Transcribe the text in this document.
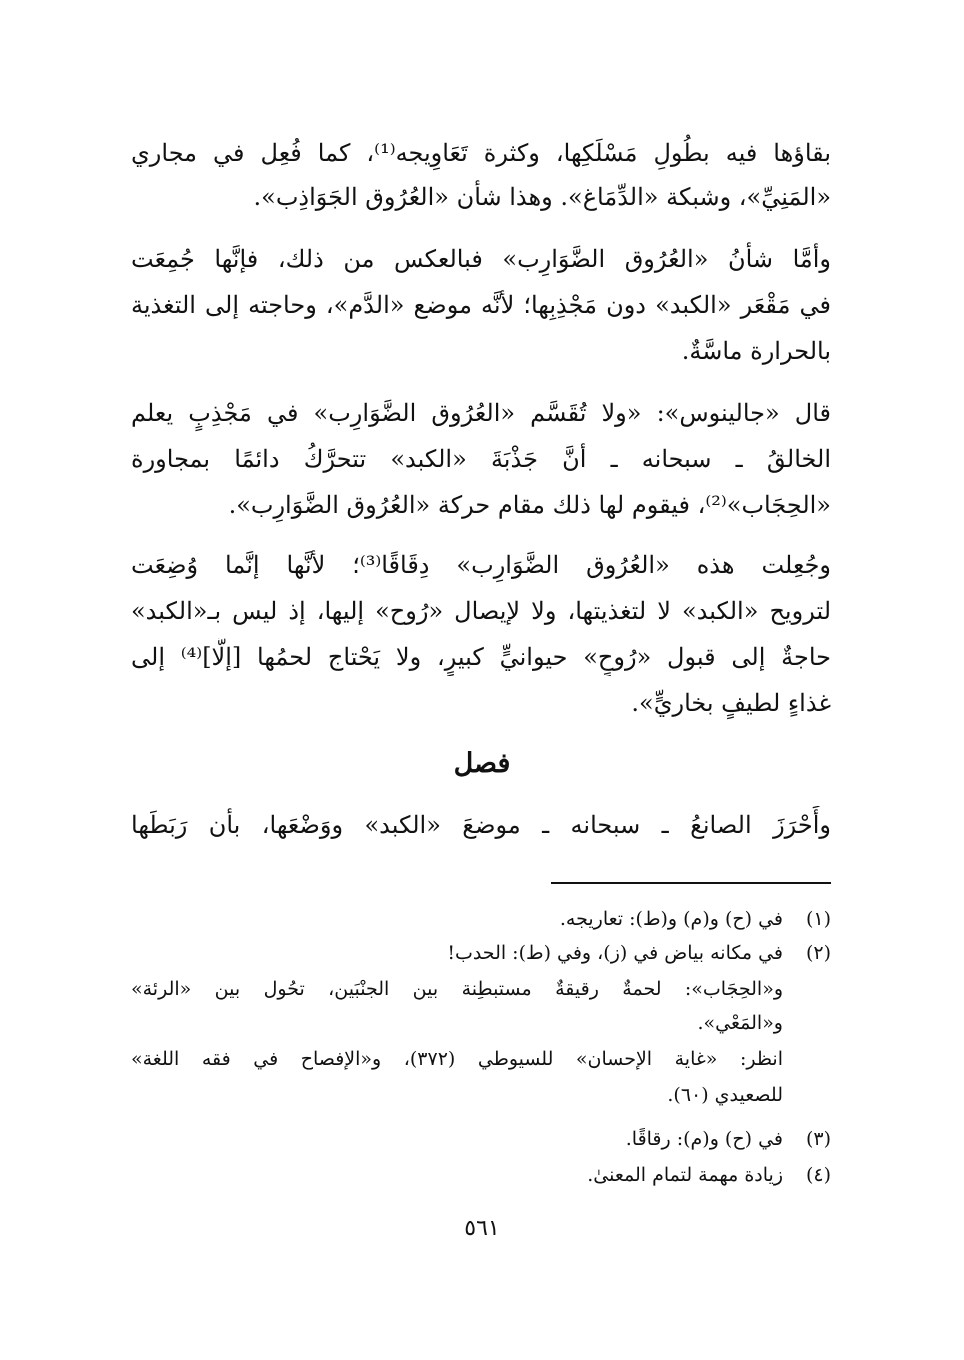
بقاؤها فيه بطُولِ مَسْلَكِها، وكثرة تَعَاوِيجه⁽¹⁾، كما فُعِل في مجاري
«المَنِيِّ»، وشبكة «الدِّمَاغ». وهذا شأن «العُرُوق الجَوَاذِب».
وأمَّا شأنُ «العُرُوق الضَّوَارِب» فبالعكس من ذلك، فإنَّها جُمِعَت
في مَقْعَر «الكبد» دون مَجْذِبِها؛ لأنَّه موضع «الدَّم»، وحاجته إلى التغذية
بالحرارة ماسَّةٌ.
قال «جالينوس»: «ولا تُقَسَّم «العُرُوق الضَّوَارِب» في مَجْذِبٍ يعلم
الخالقُ ـ سبحانه ـ أنَّ جَذْبَةَ «الكبد» تتحرَّكُ دائمًا بمجاورة
«الحِجَاب»⁽²⁾، فيقوم لها ذلك مقام حركة «العُرُوق الضَّوَارِب».
وجُعِلت هذه «العُرُوق الضَّوَارِب» دِقَاقًا⁽³⁾؛ لأنَّها إنَّما وُضِعَت
لترويح «الكبد» لا لتغذيتها، ولا لإيصال «رُوح» إليها، إذ ليس بـ«الكبد»
حاجةٌ إلى قبول «رُوحٍ» حيوانيٍّ كبيرٍ، ولا يَحْتاج لحمُها [إلَّا]⁽⁴⁾ إلى
غذاءٍ لطيفٍ بخاريٍّ».
فصل
وأَحْرَزَ الصانعُ ـ سبحانه ـ موضعَ «الكبد» ووَضْعَها، بأن رَبَطَها
(١)في (ح) و(م) و(ط): تعاريجه.
(٢)في مكانه بياض في (ز)، وفي (ط): الحدب!
و«الحِجَاب»: لحمةٌ رقيقةٌ مستبطِنة بين الجنْبَين، تحُول بين «الرئة»
و«المَعْي».
انظر: «غاية الإحسان» للسيوطي (٣٧٢)، و«الإفصاح في فقه اللغة»
للصعيدي (٦٠).
(٣)في (ح) و(م): رقاقًا.
(٤)زيادة مهمة لتمام المعنىٰ.
٥٦١
